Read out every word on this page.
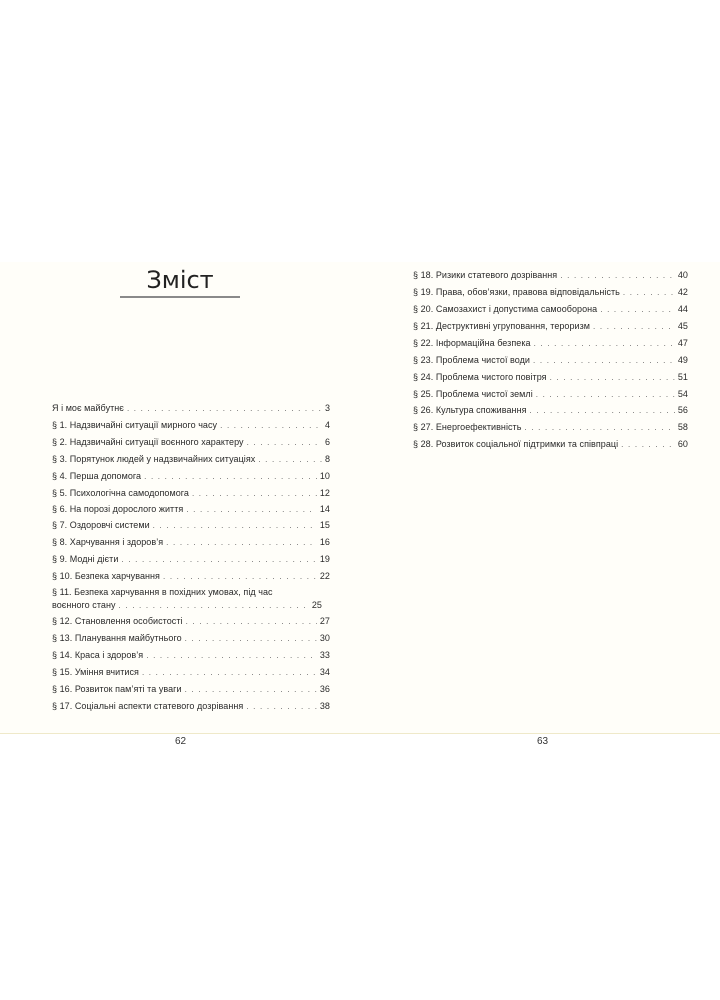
Зміст
Я і моє майбутнє . . .	3
§ 1. Надзвичайні ситуації мирного часу . . .	4
§ 2. Надзвичайні ситуації воєнного характеру . . .	6
§ 3. Порятунок людей у надзвичайних ситуаціях . . .	8
§ 4. Перша допомога . . .	10
§ 5. Психологічна самодопомога . . .	12
§ 6. На порозі дорослого життя . . .	14
§ 7. Оздоровчі системи . . .	15
§ 8. Харчування і здоров’я . . .	16
§ 9. Модні дієти . . .	19
§ 10. Безпека харчування . . .	22
§ 11. Безпека харчування в похідних умовах, під час
воєнного стану . . .	25
§ 12. Становлення особистості . . .	27
§ 13. Планування майбутнього . . .	30
§ 14. Краса і здоров’я . . .	33
§ 15. Уміння вчитися . . .	34
§ 16. Розвиток пам’яті та уваги . . .	36
§ 17. Соціальні аспекти статевого дозрівання . . .	38
62
§ 18. Ризики статевого дозрівання . . .	40
§ 19. Права, обов’язки, правова відповідальність . . .	42
§ 20. Самозахист і допустима самооборона . . .	44
§ 21. Деструктивні угруповання, тероризм . . .	45
§ 22. Інформаційна безпека . . .	47
§ 23. Проблема чистої води . . .	49
§ 24. Проблема чистого повітря . . .	51
§ 25. Проблема чистої землі . . .	54
§ 26. Культура споживання . . .	56
§ 27. Енергоефективність . . .	58
§ 28. Розвиток соціальної підтримки та співпраці . . .	60
63
